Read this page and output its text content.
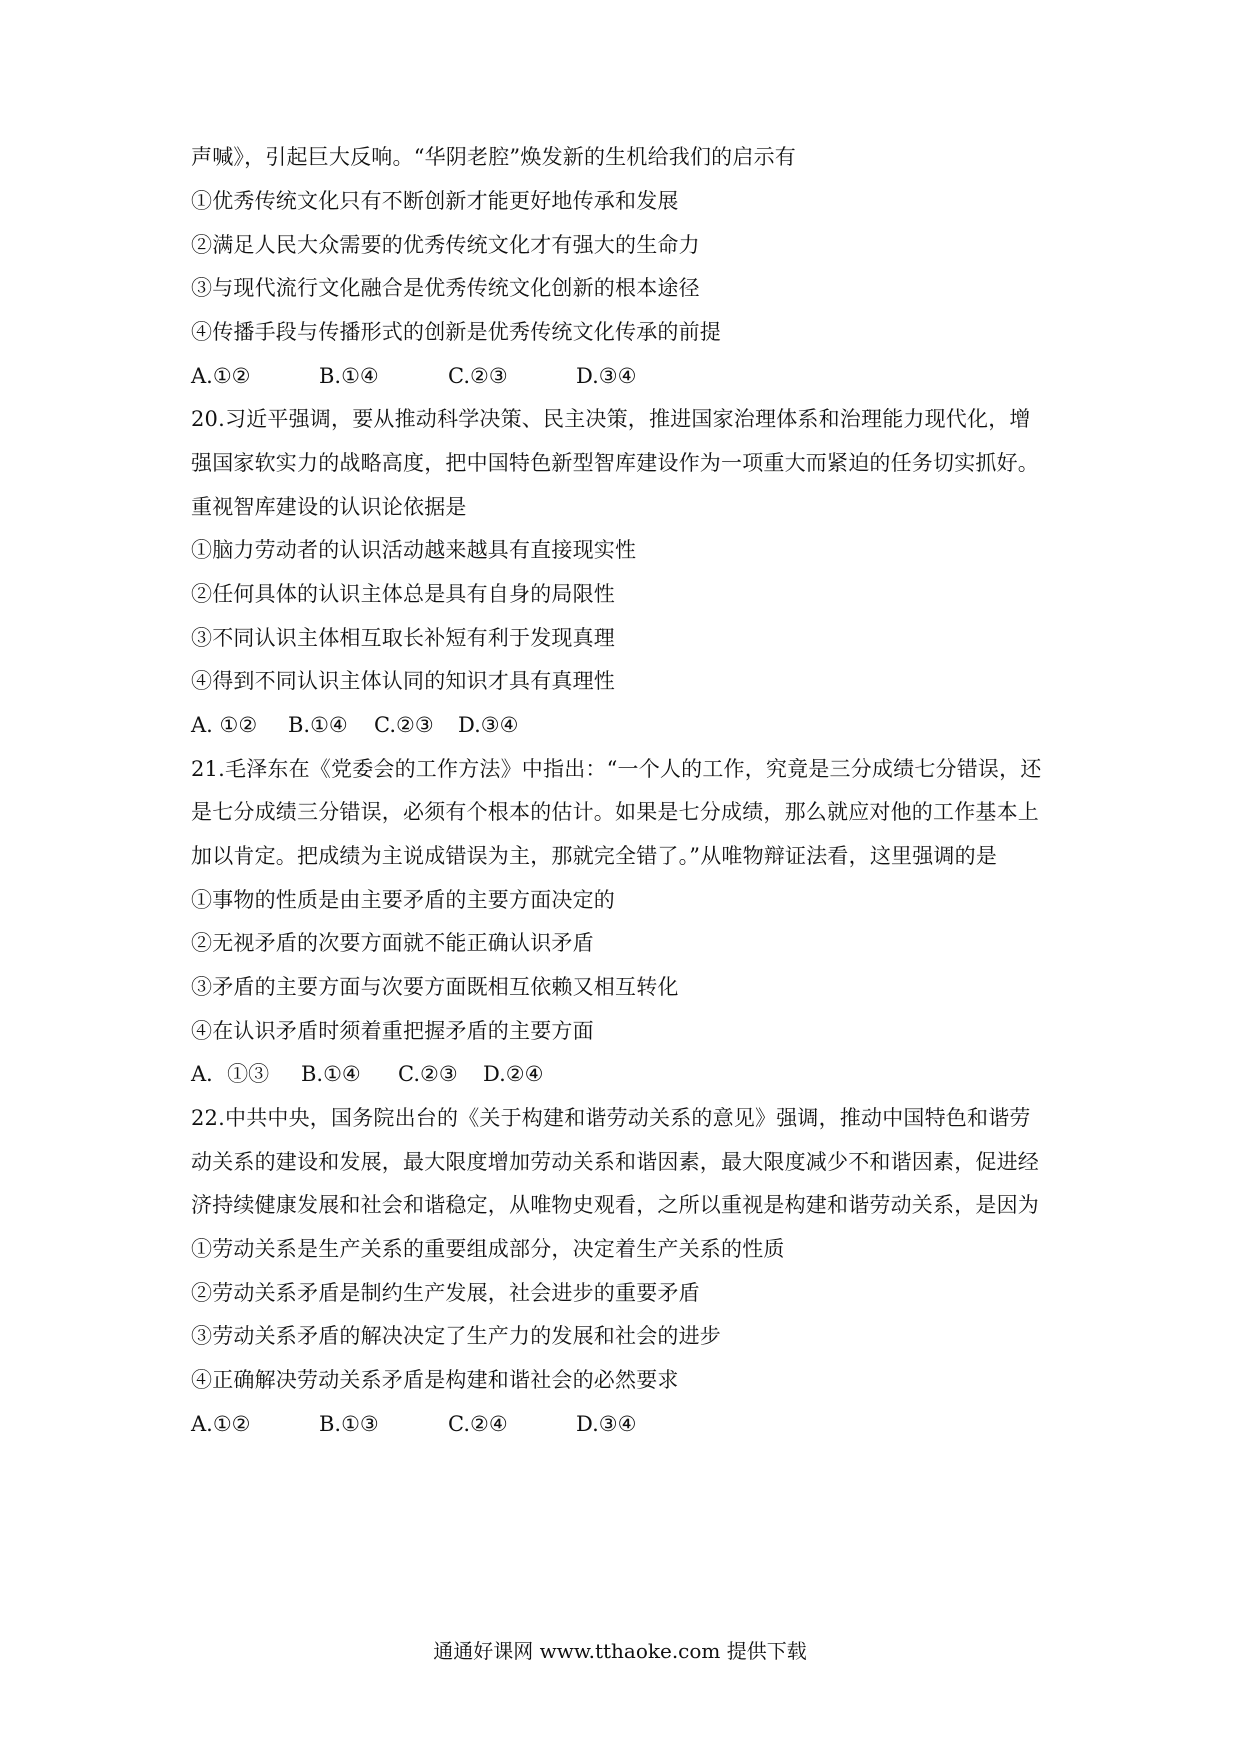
声喊》，引起巨大反响。“华阴老腔”焕发新的生机给我们的启示有
①优秀传统文化只有不断创新才能更好地传承和发展
②满足人民大众需要的优秀传统文化才有强大的生命力
③与现代流行文化融合是优秀传统文化创新的根本途径
④传播手段与传播形式的创新是优秀传统文化传承的前提
A.①②	B.①④	C.②③	D.③④
20.习近平强调，要从推动科学决策、民主决策，推进国家治理体系和治理能力现代化，增
强国家软实力的战略高度，把中国特色新型智库建设作为一项重大而紧迫的任务切实抓好。
重视智库建设的认识论依据是
①脑力劳动者的认识活动越来越具有直接现实性
②任何具体的认识主体总是具有自身的局限性
③不同认识主体相互取长补短有利于发现真理
④得到不同认识主体认同的知识才具有真理性
A. ①② B.①④ C.②③ D.③④
21.毛泽东在《党委会的工作方法》中指出：“一个人的工作，究竟是三分成绩七分错误，还
是七分成绩三分错误，必须有个根本的估计。如果是七分成绩，那么就应对他的工作基本上
加以肯定。把成绩为主说成错误为主，那就完全错了。”从唯物辩证法看，这里强调的是
①事物的性质是由主要矛盾的主要方面决定的
②无视矛盾的次要方面就不能正确认识矛盾
③矛盾的主要方面与次要方面既相互依赖又相互转化
④在认识矛盾时须着重把握矛盾的主要方面
A．①③ B.①④ C.②③ D.②④
22.中共中央，国务院出台的《关于构建和谐劳动关系的意见》强调，推动中国特色和谐劳
动关系的建设和发展，最大限度增加劳动关系和谐因素，最大限度减少不和谐因素，促进经
济持续健康发展和社会和谐稳定，从唯物史观看，之所以重视是构建和谐劳动关系，是因为
①劳动关系是生产关系的重要组成部分，决定着生产关系的性质
②劳动关系矛盾是制约生产发展，社会进步的重要矛盾
③劳动关系矛盾的解决决定了生产力的发展和社会的进步
④正确解决劳动关系矛盾是构建和谐社会的必然要求
A.①②	B.①③	C.②④	D.③④
通通好课网 www.tthaoke.com 提供下载
